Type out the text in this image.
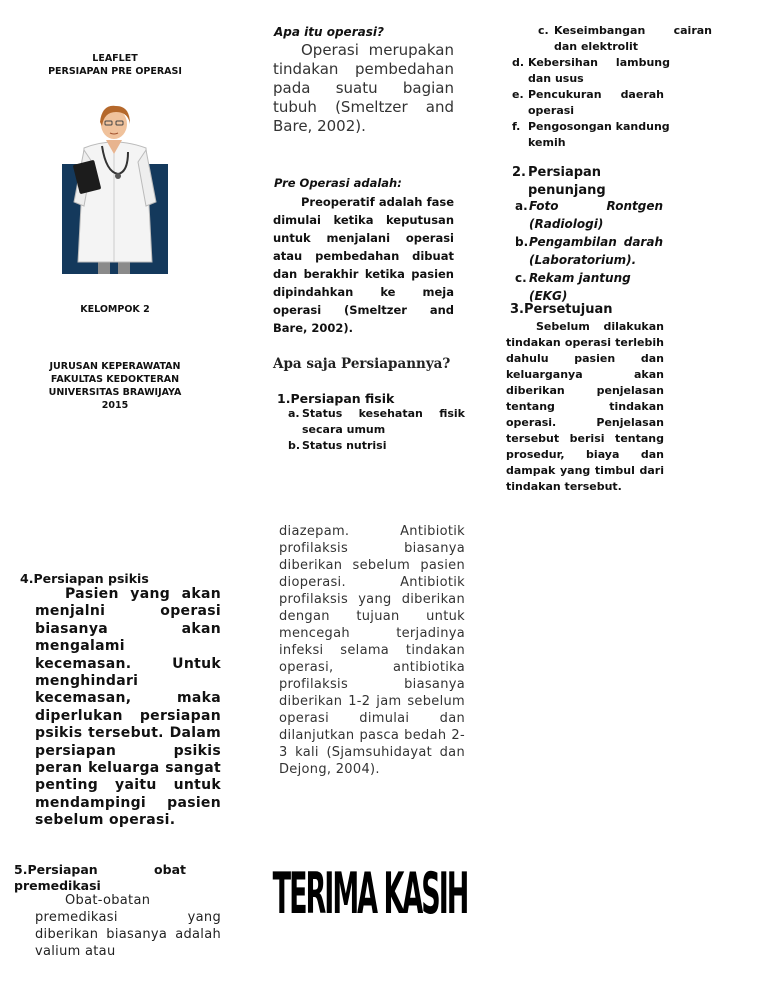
LEAFLET
PERSIAPAN PRE OPERASI
KELOMPOK 2
JURUSAN KEPERAWATAN
FAKULTAS KEDOKTERAN
UNIVERSITAS BRAWIJAYA
2015
Apa itu operasi?
Operasi merupakan tindakan pembedahan pada suatu bagian tubuh (Smeltzer and Bare, 2002).
Pre Operasi adalah:
Preoperatif adalah fase dimulai ketika keputusan untuk menjalani operasi atau pembedahan dibuat dan berakhir ketika pasien dipindahkan ke meja operasi (Smeltzer and Bare, 2002).
Apa saja Persiapannya?
1.Persiapan fisik
a. Status kesehatan fisik secara umum
b. Status nutrisi
c. Keseimbangan cairan dan elektrolit
d. Kebersihan lambung dan usus
e. Pencukuran daerah operasi
f. Pengosongan kandung kemih
2. Persiapan penunjang
a. Foto Rontgen (Radiologi)
b. Pengambilan darah (Laboratorium).
c. Rekam jantung (EKG)
3.Persetujuan
Sebelum dilakukan tindakan operasi terlebih dahulu pasien dan keluarganya akan diberikan penjelasan tentang tindakan operasi. Penjelasan tersebut berisi tentang prosedur, biaya dan dampak yang timbul dari tindakan tersebut.
4.Persiapan psikis
Pasien yang akan menjalni operasi biasanya akan mengalami kecemasan. Untuk menghindari kecemasan, maka diperlukan persiapan psikis tersebut. Dalam persiapan psikis peran keluarga sangat penting yaitu untuk mendampingi pasien sebelum operasi.
5.Persiapan obat premedikasi
Obat-obatan premedikasi yang diberikan biasanya adalah valium atau
diazepam. Antibiotik profilaksis biasanya diberikan sebelum pasien dioperasi. Antibiotik profilaksis yang diberikan dengan tujuan untuk mencegah terjadinya infeksi selama tindakan operasi, antibiotika profilaksis biasanya diberikan 1-2 jam sebelum operasi dimulai dan dilanjutkan pasca bedah 2- 3 kali (Sjamsuhidayat dan Dejong, 2004).
TERIMA KASIH
